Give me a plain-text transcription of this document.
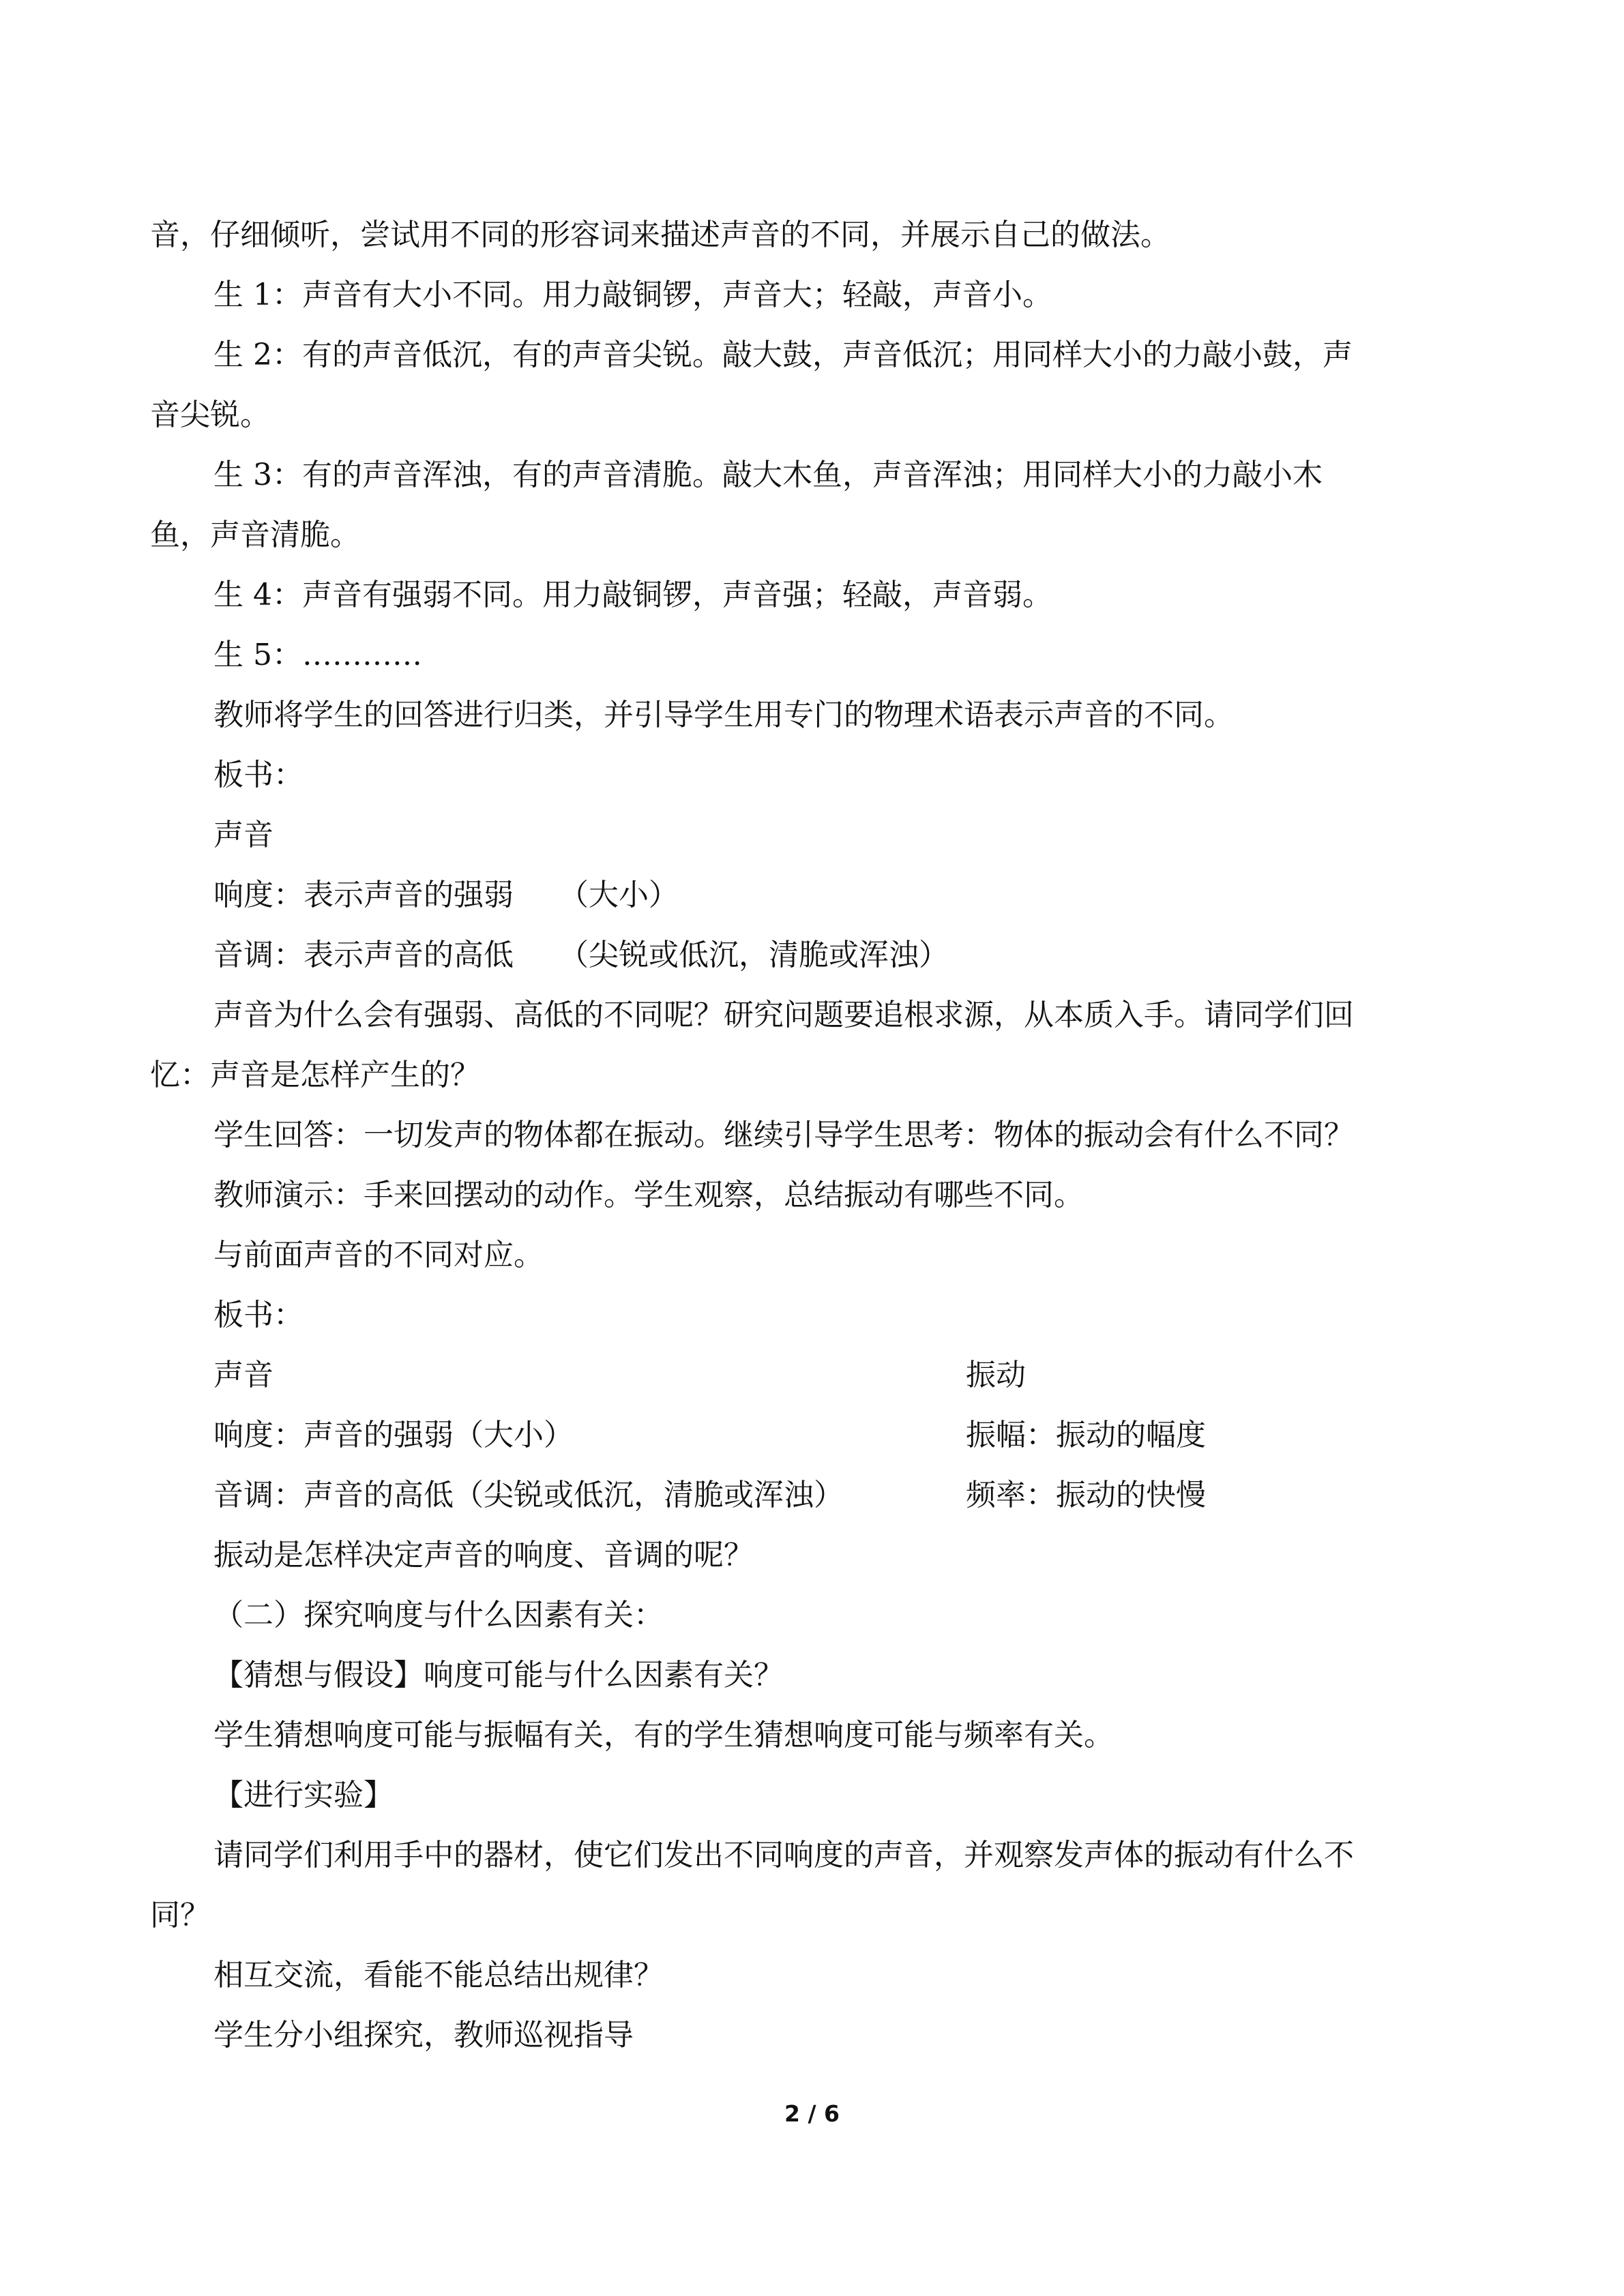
音，仔细倾听，尝试用不同的形容词来描述声音的不同，并展示自己的做法。
生 1：声音有大小不同。用力敲铜锣，声音大；轻敲，声音小。
生 2：有的声音低沉，有的声音尖锐。敲大鼓，声音低沉；用同样大小的力敲小鼓，声
音尖锐。
生 3：有的声音浑浊，有的声音清脆。敲大木鱼，声音浑浊；用同样大小的力敲小木
鱼，声音清脆。
生 4：声音有强弱不同。用力敲铜锣，声音强；轻敲，声音弱。
生 5：…………
教师将学生的回答进行归类，并引导学生用专门的物理术语表示声音的不同。
板书：
声音
响度：表示声音的强弱　　（大小）
音调：表示声音的高低　　（尖锐或低沉，清脆或浑浊）
声音为什么会有强弱、高低的不同呢？研究问题要追根求源，从本质入手。请同学们回
忆：声音是怎样产生的？
学生回答：一切发声的物体都在振动。继续引导学生思考：物体的振动会有什么不同？
教师演示：手来回摆动的动作。学生观察，总结振动有哪些不同。
与前面声音的不同对应。
板书：
声音	振动
响度：声音的强弱（大小）	振幅：振动的幅度
音调：声音的高低（尖锐或低沉，清脆或浑浊）	频率：振动的快慢
振动是怎样决定声音的响度、音调的呢？
（二）探究响度与什么因素有关：
【猜想与假设】响度可能与什么因素有关？
学生猜想响度可能与振幅有关，有的学生猜想响度可能与频率有关。
【进行实验】
请同学们利用手中的器材，使它们发出不同响度的声音，并观察发声体的振动有什么不
同？
相互交流，看能不能总结出规律？
学生分小组探究，教师巡视指导
2 / 6
